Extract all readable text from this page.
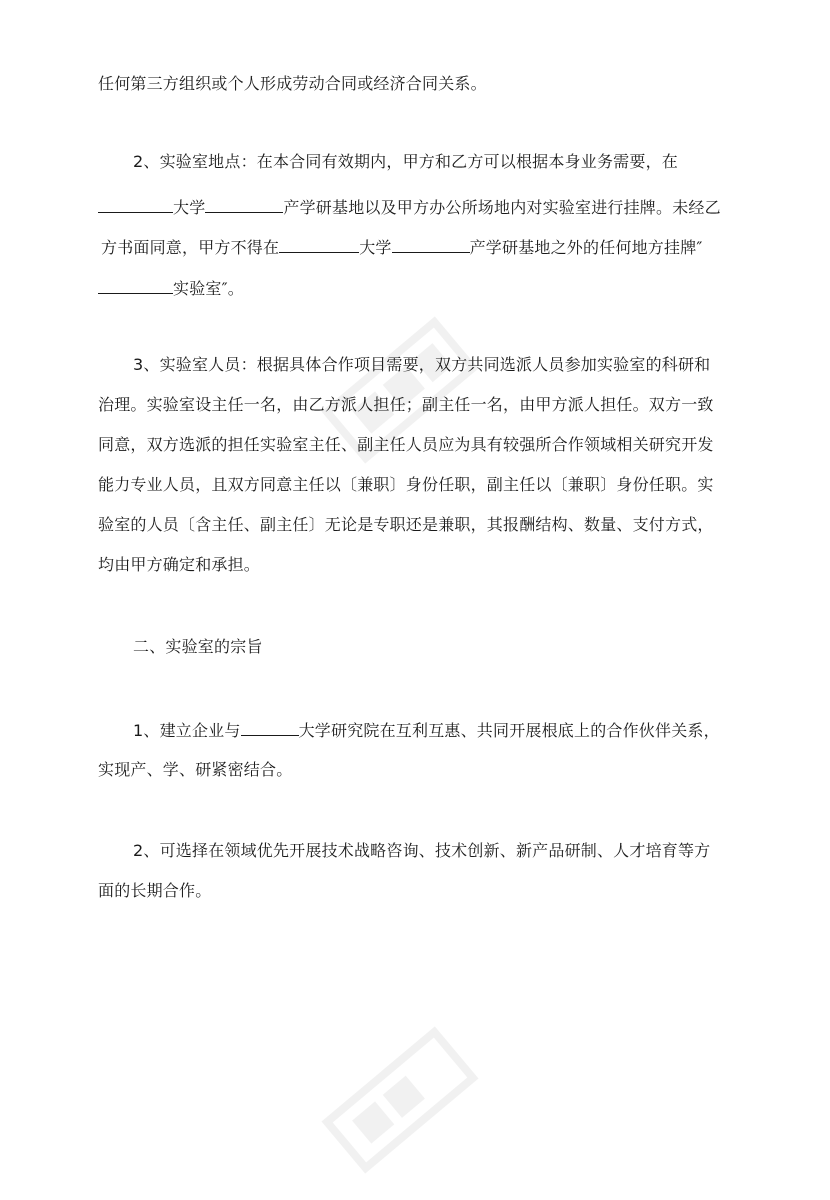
任何第三方组织或个人形成劳动合同或经济合同关系。
2、实验室地点：在本合同有效期内，甲方和乙方可以根据本身业务需要，在
大学	产学研基地以及甲方办公所场地内对实验室进行挂牌。未经乙
方书面同意，甲方不得在	大学	产学研基地之外的任何地方挂牌″
实验室″。
3、实验室人员：根据具体合作项目需要，双方共同选派人员参加实验室的科研和
治理。实验室设主任一名，由乙方派人担任；副主任一名，由甲方派人担任。双方一致
同意，双方选派的担任实验室主任、副主任人员应为具有较强所合作领域相关研究开发
能力专业人员，且双方同意主任以〔兼职〕身份任职，副主任以〔兼职〕身份任职。实
验室的人员〔含主任、副主任〕无论是专职还是兼职，其报酬结构、数量、支付方式，
均由甲方确定和承担。
二、实验室的宗旨
1、建立企业与	大学研究院在互利互惠、共同开展根底上的合作伙伴关系，
实现产、学、研紧密结合。
2、可选择在领域优先开展技术战略咨询、技术创新、新产品研制、人才培育等方
面的长期合作。
